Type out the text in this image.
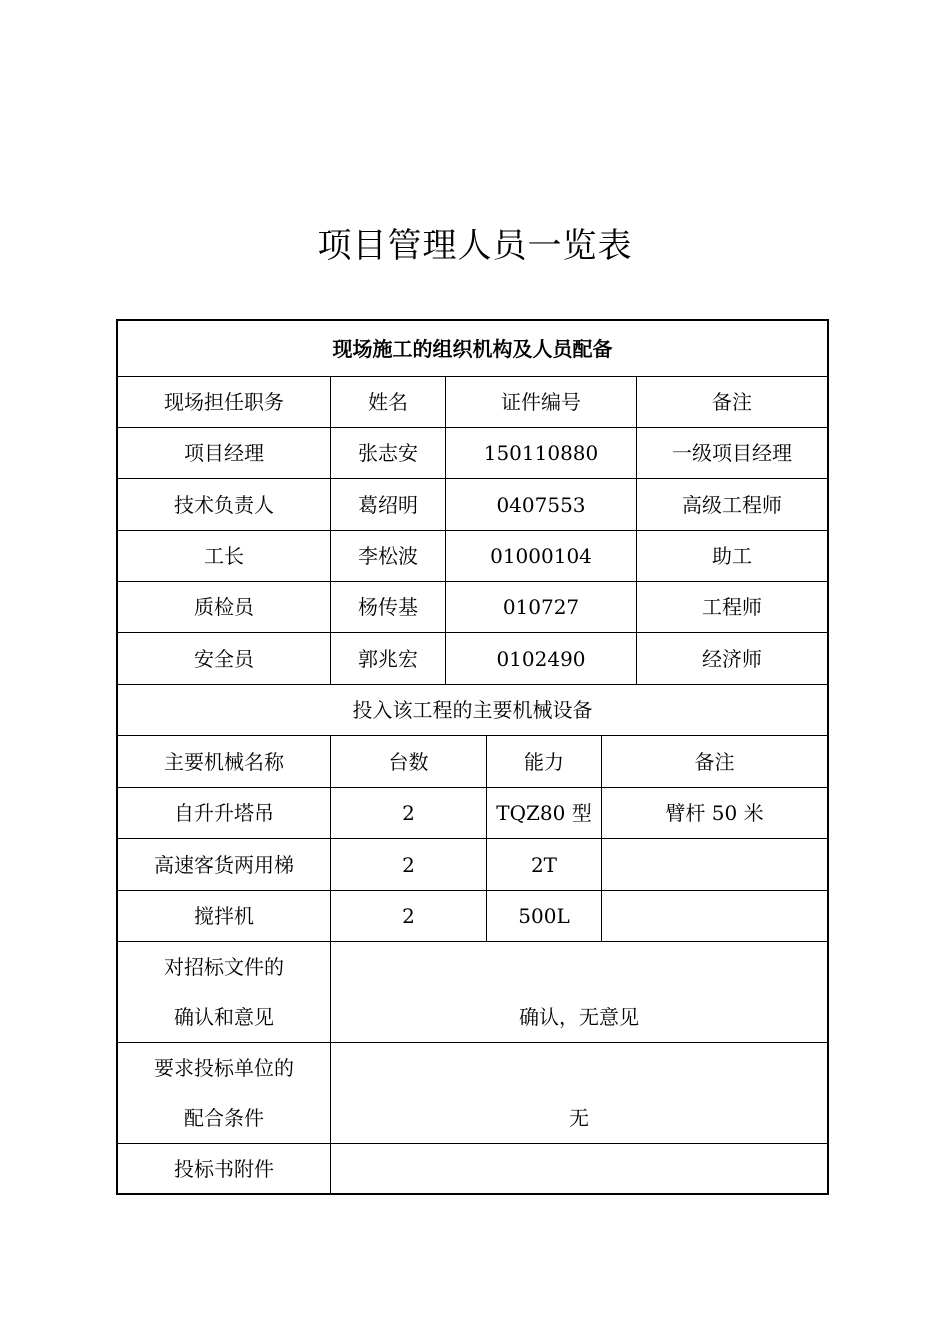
项目管理人员一览表
现场施工的组织机构及人员配备
现场担任职务	姓名	证件编号	备注
项目经理	张志安	150110880	一级项目经理
技术负责人	葛绍明	0407553	高级工程师
工长	李松波	01000104	助工
质检员	杨传基	010727	工程师
安全员	郭兆宏	0102490	经济师
投入该工程的主要机械设备
主要机械名称	台数	能力	备注
自升升塔吊	2	TQZ80 型	臂杆 50 米
高速客货两用梯	2	2T
搅拌机	2	500L
对招标文件的
确认和意见	确认，无意见
要求投标单位的
配合条件	无
投标书附件
